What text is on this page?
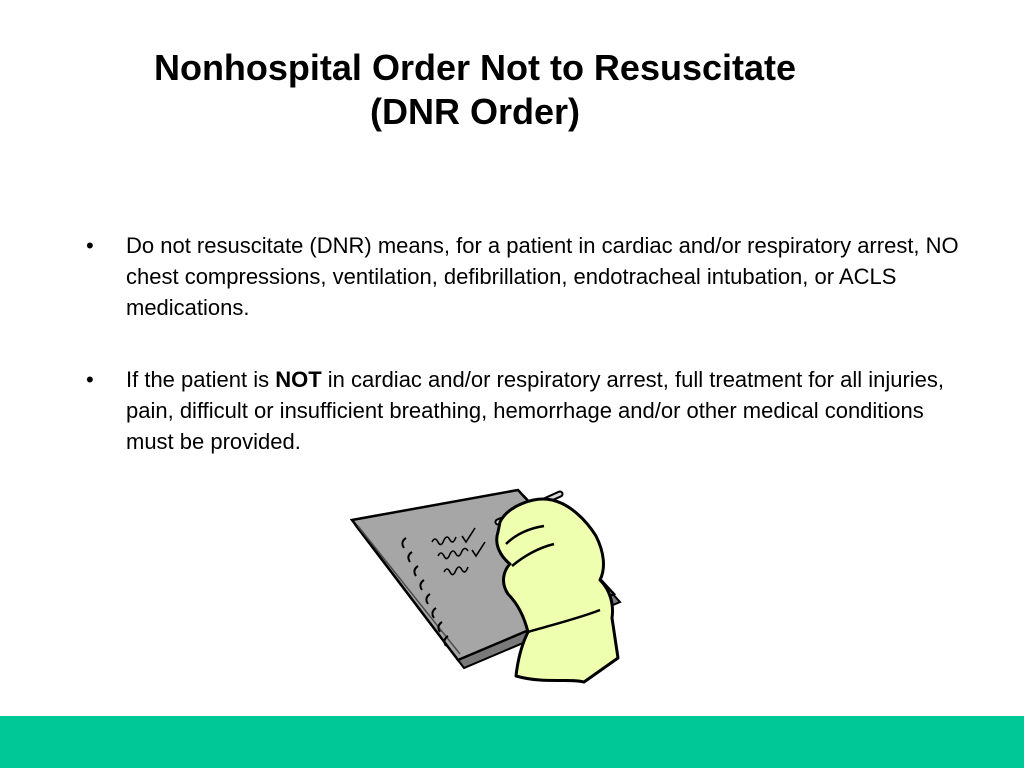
Nonhospital Order Not to Resuscitate
(DNR Order)
• Do not resuscitate (DNR) means, for a patient in cardiac and/or respiratory arrest, NO chest compressions, ventilation, defibrillation, endotracheal intubation, or ACLS medications.
• If the patient is NOT in cardiac and/or respiratory arrest, full treatment for all injuries, pain, difficult or insufficient breathing, hemorrhage and/or other medical conditions must be provided.
